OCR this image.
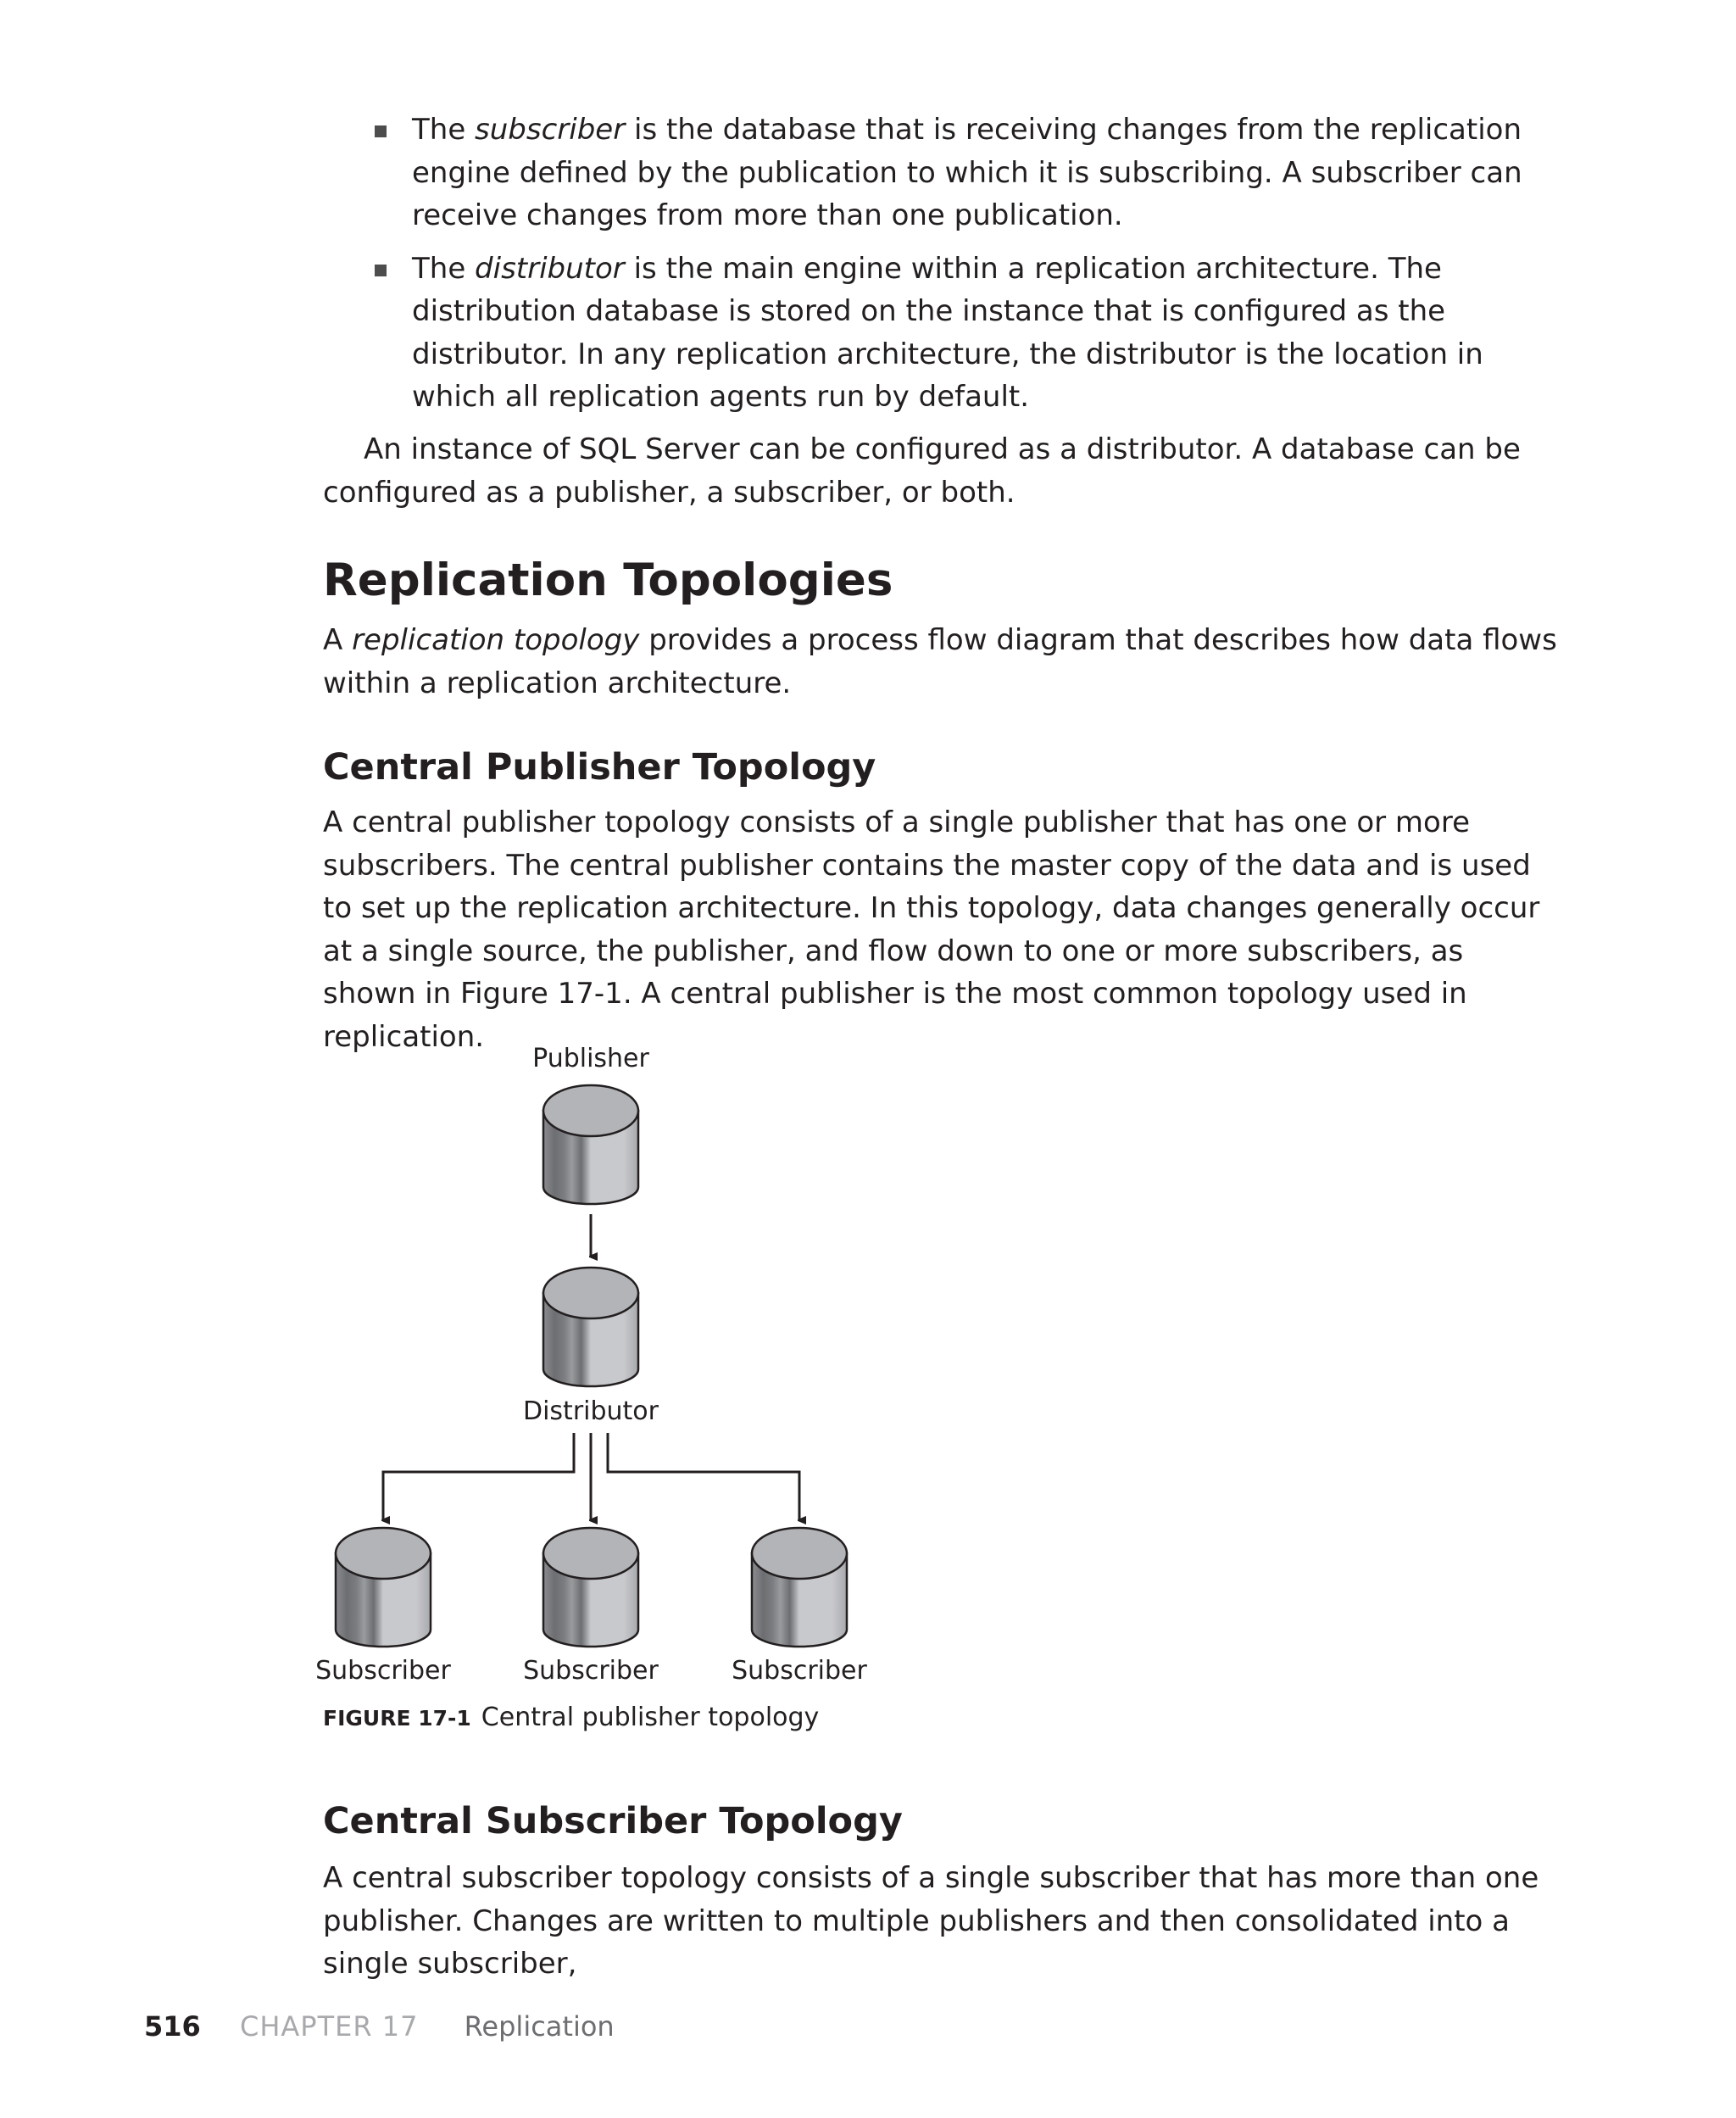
The subscriber is the database that is receiving changes from the replication engine defined by the publication to which it is subscribing. A subscriber can receive changes from more than one publication.
The distributor is the main engine within a replication architecture. The distribution database is stored on the instance that is configured as the distributor. In any replication architecture, the distributor is the location in which all replication agents run by default.

An instance of SQL Server can be configured as a distributor. A database can be configured as a publisher, a subscriber, or both.

Replication Topologies

A replication topology provides a process flow diagram that describes how data flows within a replication architecture.

Central Publisher Topology

A central publisher topology consists of a single publisher that has one or more subscribers. The central publisher contains the master copy of the data and is used to set up the replication architecture. In this topology, data changes generally occur at a single source, the publisher, and flow down to one or more subscribers, as shown in Figure 17-1. A central publisher is the most common topology used in replication.

Publisher
Distributor
Subscriber	Subscriber	Subscriber

FIGURE 17-1 Central publisher topology

Central Subscriber Topology

A central subscriber topology consists of a single subscriber that has more than one publisher. Changes are written to multiple publishers and then consolidated into a single subscriber,

516 CHAPTER 17 Replication
